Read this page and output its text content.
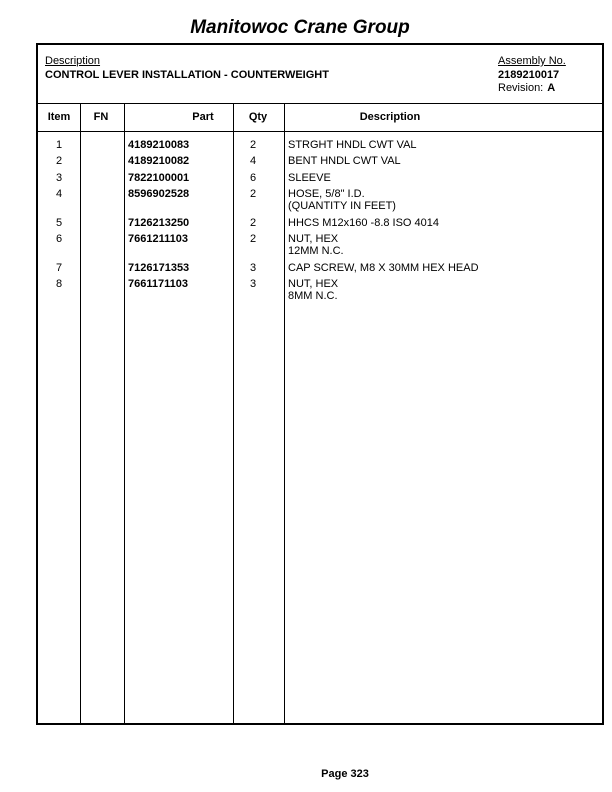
Manitowoc Crane Group
Description
CONTROL LEVER INSTALLATION - COUNTERWEIGHT
Assembly No.
2189210017
Revision: A
Item	FN	Part	Qty	Description
1	4189210083	2	STRGHT HNDL CWT VAL
2	4189210082	4	BENT HNDL CWT VAL
3	7822100001	6	SLEEVE
4	8596902528	2	HOSE, 5/8" I.D.
(QUANTITY IN FEET)
5	7126213250	2	HHCS M12x160 -8.8 ISO 4014
6	7661211103	2	NUT, HEX
12MM N.C.
7	7126171353	3	CAP SCREW, M8 X 30MM HEX HEAD
8	7661171103	3	NUT, HEX
8MM N.C.
Page 323
